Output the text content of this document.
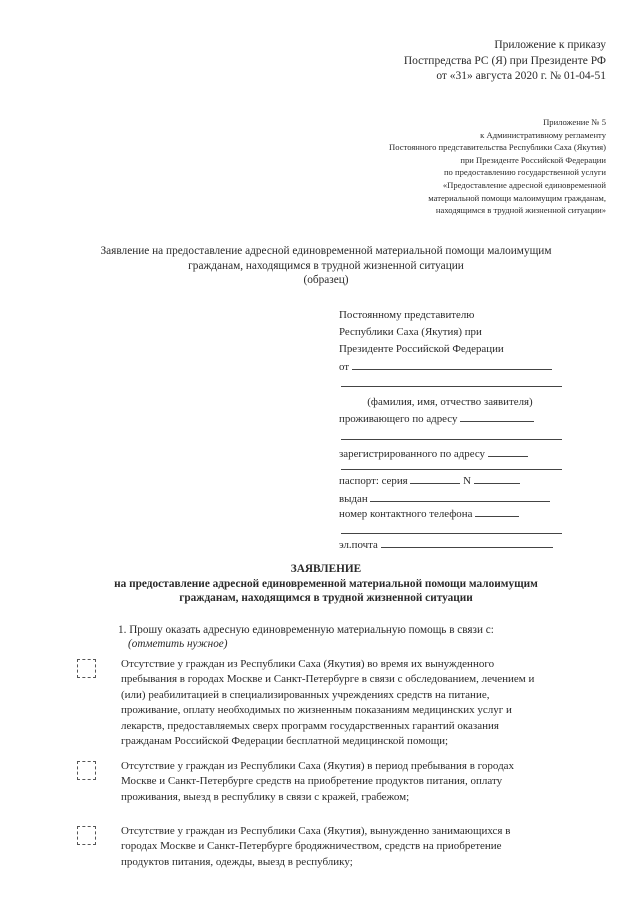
Приложение к приказу
Постпредства РС (Я) при Президенте РФ
от «31» августа 2020 г. № 01-04-51
Приложение № 5
к Административному регламенту
Постоянного представительства Республики Саха (Якутия)
при Президенте Российской Федерации
по предоставлению государственной услуги
«Предоставление адресной единовременной
материальной помощи малоимущим гражданам,
находящимся в трудной жизненной ситуации»
Заявление на предоставление адресной единовременной материальной помощи малоимущим
гражданам, находящимся в трудной жизненной ситуации
(образец)
Постоянному представителю
Республики Саха (Якутия) при
Президенте Российской Федерации
от
(фамилия, имя, отчество заявителя)
проживающего по адресу
зарегистрированного по адресу
паспорт: серия	N
выдан
номер контактного телефона
эл.почта
ЗАЯВЛЕНИЕ
на предоставление адресной единовременной материальной помощи малоимущим
гражданам, находящимся в трудной жизненной ситуации
1. Прошу оказать адресную единовременную материальную помощь в связи с:
(отметить нужное)
Отсутствие у граждан из Республики Саха (Якутия) во время их вынужденного
пребывания в городах Москве и Санкт-Петербурге в связи с обследованием, лечением и
(или) реабилитацией в специализированных учреждениях средств на питание,
проживание, оплату необходимых по жизненным показаниям медицинских услуг и
лекарств, предоставляемых сверх программ государственных гарантий оказания
гражданам Российской Федерации бесплатной медицинской помощи;
Отсутствие у граждан из Республики Саха (Якутия) в период пребывания в городах
Москве и Санкт-Петербурге средств на приобретение продуктов питания, оплату
проживания, выезд в республику в связи с кражей, грабежом;
Отсутствие у граждан из Республики Саха (Якутия), вынужденно занимающихся в
городах Москве и Санкт-Петербурге бродяжничеством, средств на приобретение
продуктов питания, одежды, выезд в республику;
